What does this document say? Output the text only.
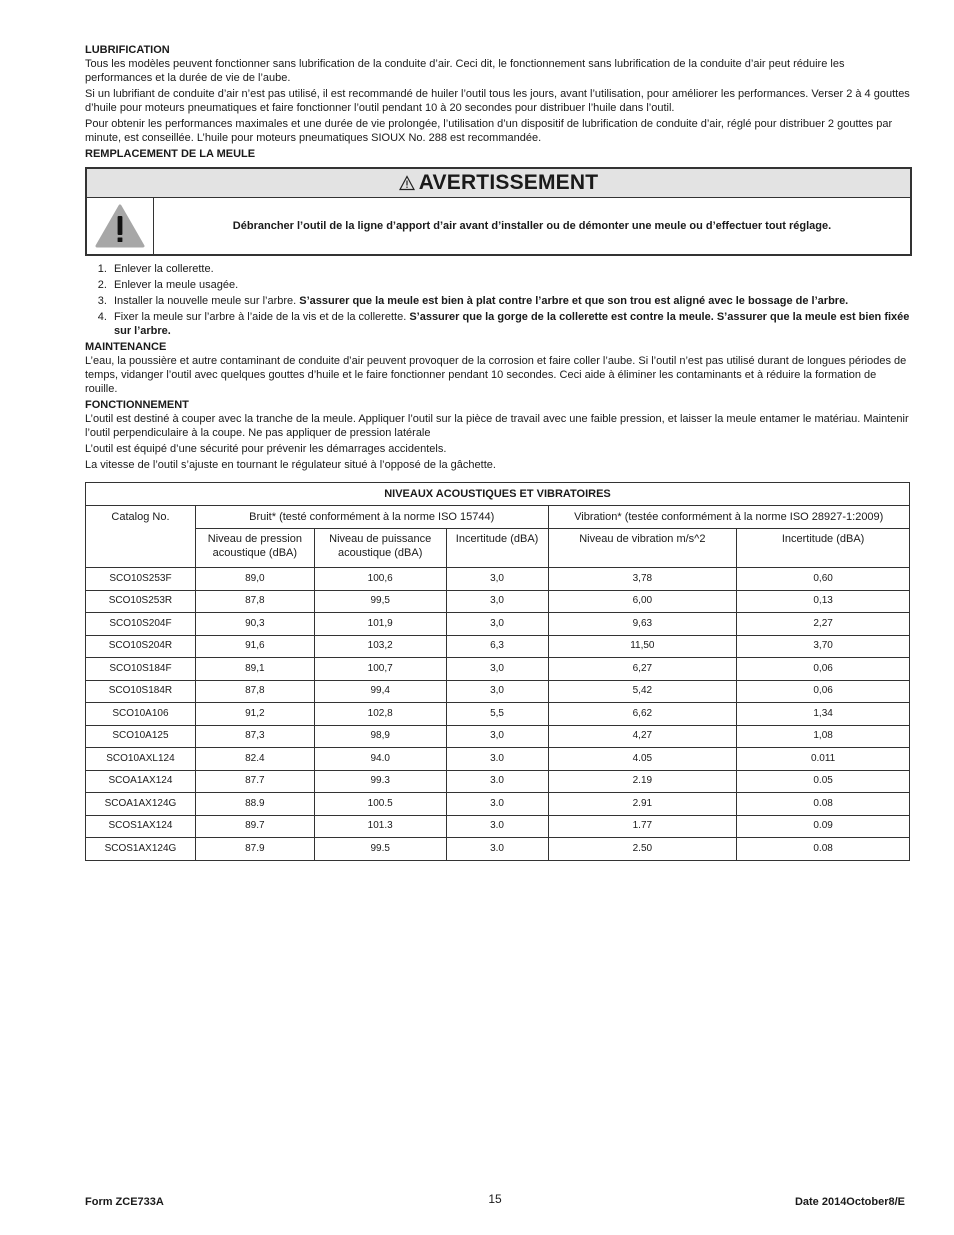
LUBRIFICATION

Tous les modèles peuvent fonctionner sans lubrification de la conduite d’air. Ceci dit, le fonctionnement sans lubrification de la conduite d’air peut réduire les performances et la durée de vie de l’aube.

Si un lubrifiant de conduite d’air n’est pas utilisé, il est recommandé de huiler l’outil tous les jours, avant l’utilisation, pour améliorer les performances. Verser 2 à 4 gouttes d’huile pour moteurs pneumatiques et faire fonctionner l’outil pendant 10 à 20 secondes pour distribuer l’huile dans l’outil.

Pour obtenir les performances maximales et une durée de vie prolongée, l’utilisation d’un dispositif de lubrification de conduite d’air, réglé pour distribuer 2 gouttes par minute, est conseillée. L’huile pour moteurs pneumatiques SIOUX No. 288 est recommandée.

REMPLACEMENT DE LA MEULE
AVERTISSEMENT
Débrancher l’outil de la ligne d’apport d’air avant d’installer ou de démonter une meule ou d’effectuer tout réglage.
1. Enlever la collerette.
2. Enlever la meule usagée.
3. Installer la nouvelle meule sur l’arbre. S’assurer que la meule est bien à plat contre l’arbre et que son trou est aligné avec le bossage de l’arbre.
4. Fixer la meule sur l’arbre à l’aide de la vis et de la collerette. S’assurer que la gorge de la collerette est contre la meule. S’assurer que la meule est bien fixée sur l’arbre.
MAINTENANCE

L’eau, la poussière et autre contaminant de conduite d’air peuvent provoquer de la corrosion et faire coller l’aube. Si l’outil n’est pas utilisé durant de longues périodes de temps, vidanger l’outil avec quelques gouttes d’huile et le faire fonctionner pendant 10 secondes. Ceci aide à éliminer les contaminants et à réduire la formation de rouille.

FONCTIONNEMENT

L’outil est destiné à couper avec la tranche de la meule. Appliquer l’outil sur la pièce de travail avec une faible pression, et laisser la meule entamer le matériau. Maintenir l’outil perpendiculaire à la coupe. Ne pas appliquer de pression latérale

L’outil est équipé d’une sécurité pour prévenir les démarrages accidentels.

La vitesse de l’outil s’ajuste en tournant le régulateur situé à l’opposé de la gâchette.

NIVEAUX ACOUSTIQUES ET VIBRATOIRES					
Catalog No.	Bruit* (testé conformément à la norme ISO 15744)			Vibration* (testée conformément à la norme ISO 28927-1:2009)	
	Niveau de pression acoustique (dBA)	Niveau de puissance acoustique (dBA)	Incertitude (dBA)	Niveau de vibration m/s^2	Incertitude (dBA)
SCO10S253F	89,0	100,6	3,0	3,78	0,60
SCO10S253R	87,8	99,5	3,0	6,00	0,13
SCO10S204F	90,3	101,9	3,0	9,63	2,27
SCO10S204R	91,6	103,2	6,3	11,50	3,70
SCO10S184F	89,1	100,7	3,0	6,27	0,06
SCO10S184R	87,8	99,4	3,0	5,42	0,06
SCO10A106	91,2	102,8	5,5	6,62	1,34
SCO10A125	87,3	98,9	3,0	4,27	1,08
SCO10AXL124	82.4	94.0	3.0	4.05	0.011
SCOA1AX124	87.7	99.3	3.0	2.19	0.05
SCOA1AX124G	88.9	100.5	3.0	2.91	0.08
SCOS1AX124	89.7	101.3	3.0	1.77	0.09
SCOS1AX124G	87.9	99.5	3.0	2.50	0.08
Form ZCE733A	15	Date 2014October8/E
